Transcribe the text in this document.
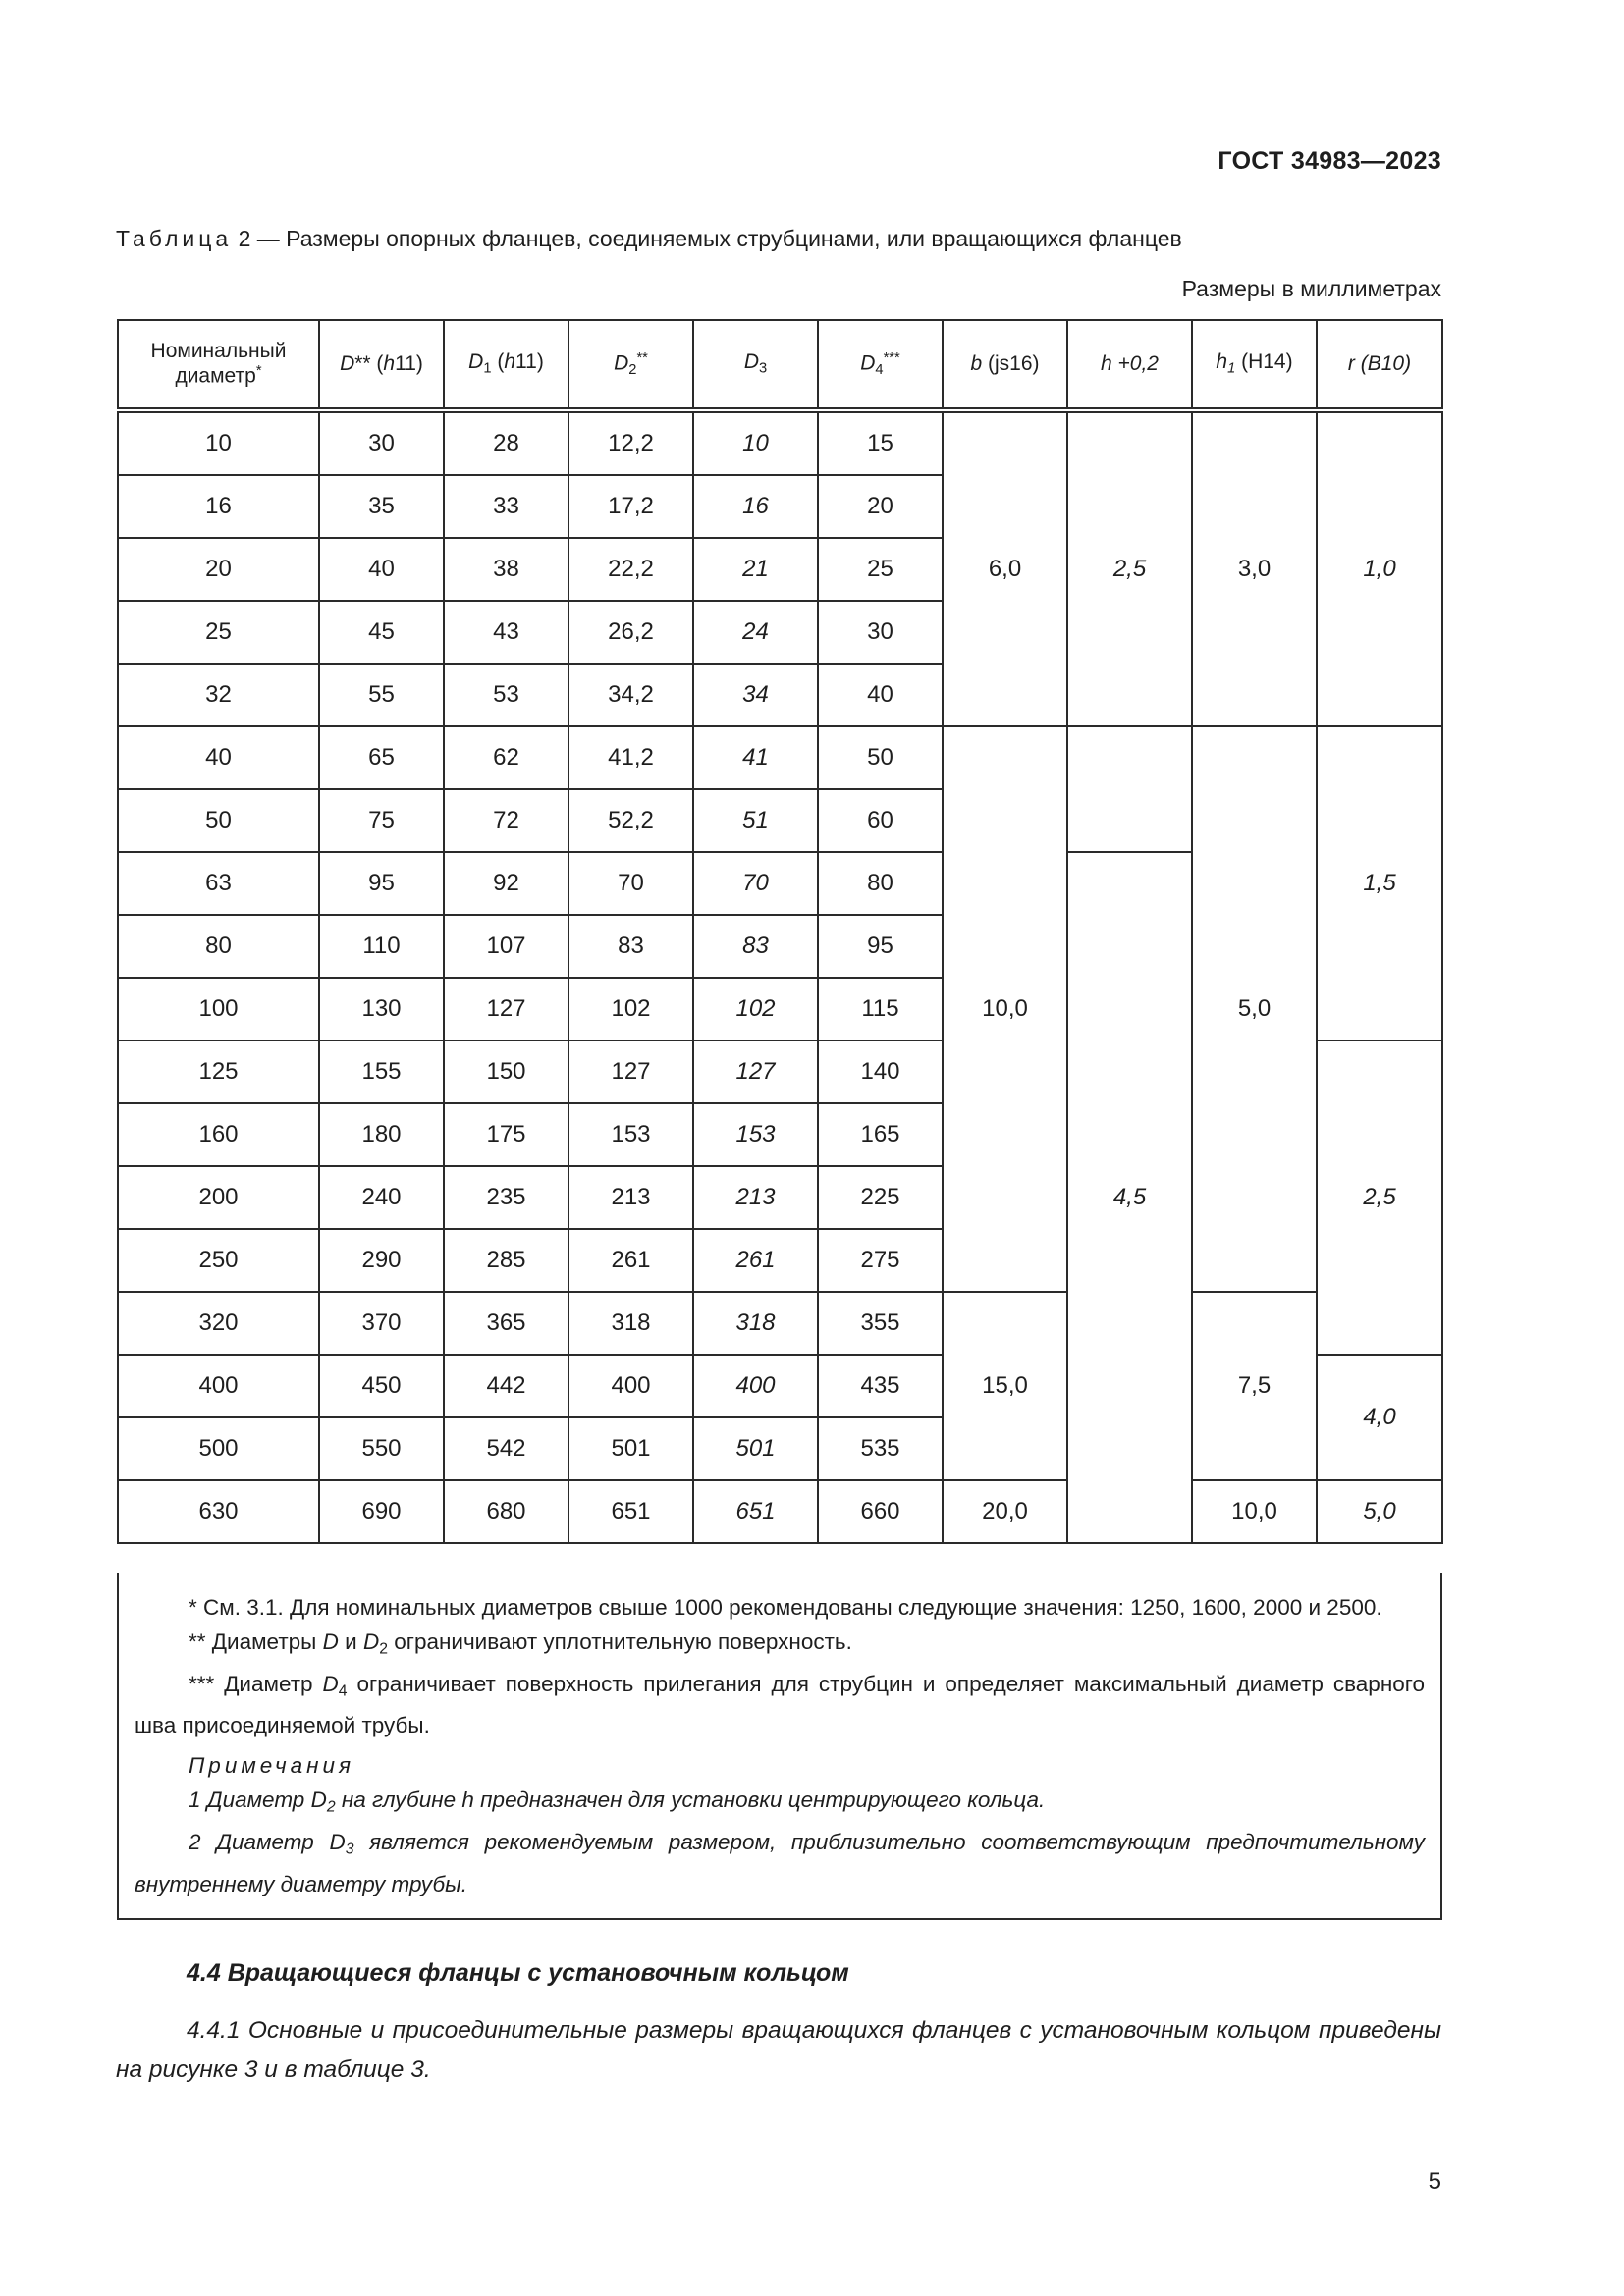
ГОСТ 34983—2023
Таблица 2 — Размеры опорных фланцев, соединяемых струбцинами, или вращающихся фланцев
Размеры в миллиметрах
Номинальный
диаметр*	D** (h11)	$D_1$ (h11)	$D_2^{**}$	$D_3$	$D_4^{***}$	b (js16)	h +0,2	$h_1$ (H14)	r (B10)
10	30	28	12,2	10	15	6,0	2,5	3,0	1,0
16	35	33	17,2	16	20				
20	40	38	22,2	21	25				
25	45	43	26,2	24	30				
32	55	53	34,2	34	40				
40	65	62	41,2	41	50	10,0		5,0	1,5
50	75	72	52,2	51	60				
63	95	92	70	70	80		4,5		
80	110	107	83	83	95				
100	130	127	102	102	115				
125	155	150	127	127	140				2,5
160	180	175	153	153	165				
200	240	235	213	213	225				
250	290	285	261	261	275				
320	370	365	318	318	355	15,0		7,5	
400	450	442	400	400	435				4,0
500	550	542	501	501	535				
630	690	680	651	651	660	20,0		10,0	5,0

* См. 3.1. Для номинальных диаметров свыше 1000 рекомендованы следующие значения: 1250, 1600, 2000 и 2500.

** Диаметры D и $D_2$ ограничивают уплотнительную поверхность.

*** Диаметр $D_4$ ограничивает поверхность прилегания для струбцин и определяет максимальный диаметр сварного шва присоединяемой трубы.

Примечания

1 Диаметр $D_2$ на глубине h предназначен для установки центрирующего кольца.

2 Диаметр $D_3$ является рекомендуемым размером, приблизительно соответствующим предпочтительному внутреннему диаметру трубы.

4.4 Вращающиеся фланцы с установочным кольцом
4.4.1 Основные и присоединительные размеры вращающихся фланцев с установочным кольцом приведены на рисунке 3 и в таблице 3.
5
